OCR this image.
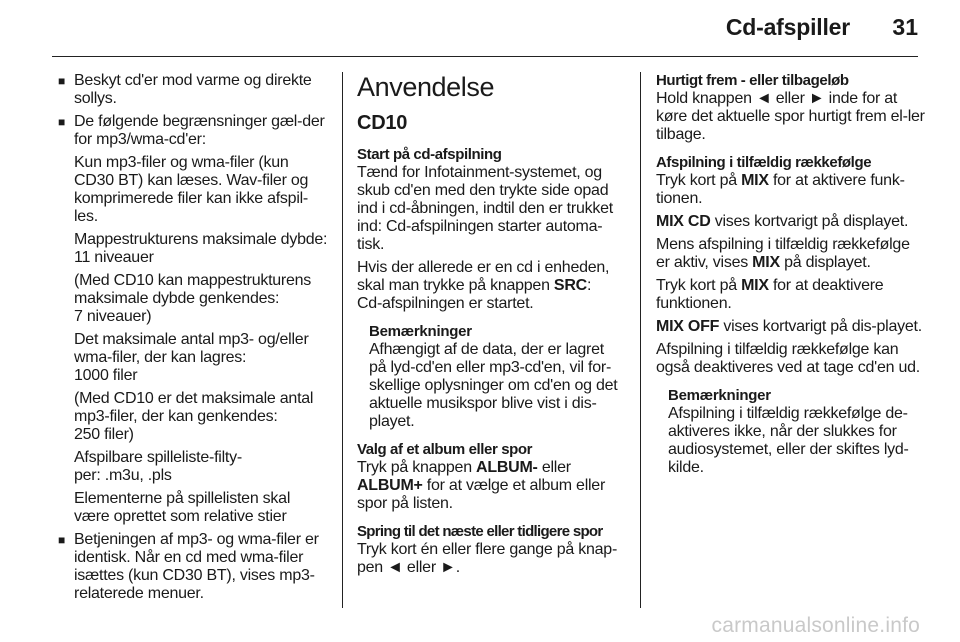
Cd-afspiller 31
■ Beskyt cd'er mod varme og direkte sollys.
■ De følgende begrænsninger gæl-der for mp3/wma-cd'er:

Kun mp3-filer og wma-filer (kun CD30 BT) kan læses. Wav-filer og komprimerede filer kan ikke afspil-les.

Mappestrukturens maksimale dybde: 11 niveauer

(Med CD10 kan mappestrukturens maksimale dybde genkendes:
7 niveauer)

Det maksimale antal mp3- og/eller wma-filer, der kan lagres:
1000 filer

(Med CD10 er det maksimale antal mp3-filer, der kan genkendes:
250 filer)

Afspilbare spilleliste-filty-
per: .m3u, .pls

Elementerne på spillelisten skal være oprettet som relative stier

■ Betjeningen af mp3- og wma-filer er identisk. Når en cd med wma-filer isættes (kun CD30 BT), vises mp3-relaterede menuer.
Anvendelse
CD10

Start på cd-afspilning

Tænd for Infotainment-systemet, og skub cd'en med den trykte side opad ind i cd-åbningen, indtil den er trukket ind: Cd-afspilningen starter automa-tisk.

Hvis der allerede er en cd i enheden, skal man trykke på knappen SRC:
Cd-afspilningen er startet.

Bemærkninger
Afhængigt af de data, der er lagret på lyd-cd'en eller mp3-cd'en, vil for-skellige oplysninger om cd'en og det aktuelle musikspor blive vist i dis-playet.

Valg af et album eller spor

Tryk på knappen ALBUM- eller
ALBUM+ for at vælge et album eller spor på listen.

Spring til det næste eller tidligere spor

Tryk kort én eller flere gange på knap-pen ◄ eller ►.

Hurtigt frem - eller tilbageløb

Hold knappen ◄ eller ► inde for at køre det aktuelle spor hurtigt frem el-ler tilbage.

Afspilning i tilfældig rækkefølge

Tryk kort på MIX for at aktivere funk-tionen.

MIX CD vises kortvarigt på displayet.

Mens afspilning i tilfældig rækkefølge er aktiv, vises MIX på displayet.

Tryk kort på MIX for at deaktivere funktionen.

MIX OFF vises kortvarigt på dis-playet.

Afspilning i tilfældig rækkefølge kan også deaktiveres ved at tage cd'en ud.

Bemærkninger
Afspilning i tilfældig rækkefølge de-aktiveres ikke, når der slukkes for audiosystemet, eller der skiftes lyd-kilde.
carmanualsonline.info
